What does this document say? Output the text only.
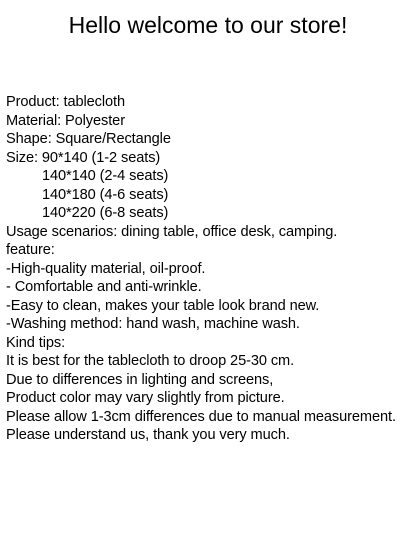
Hello welcome to our store!
Product: tablecloth
Material: Polyester
Shape: Square/Rectangle
Size: 90*140 (1-2 seats)
140*140 (2-4 seats)
140*180 (4-6 seats)
140*220 (6-8 seats)
Usage scenarios: dining table, office desk, camping.
feature:
-High-quality material, oil-proof.
- Comfortable and anti-wrinkle.
-Easy to clean, makes your table look brand new.
-Washing method: hand wash, machine wash.
Kind tips:
It is best for the tablecloth to droop 25-30 cm.
Due to differences in lighting and screens,
Product color may vary slightly from picture.
Please allow 1-3cm differences due to manual measurement.
Please understand us, thank you very much.
